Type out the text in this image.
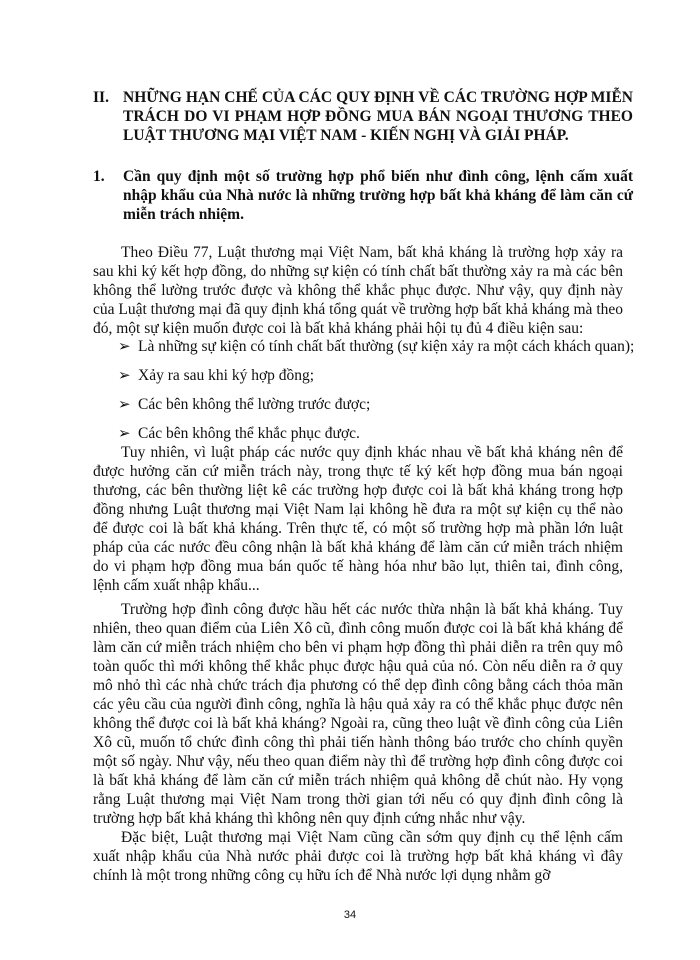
II. NHỮNG HẠN CHẾ CỦA CÁC QUY ĐỊNH VỀ CÁC TRƯỜNG HỢP MIỄN TRÁCH DO VI PHẠM HỢP ĐỒNG MUA BÁN NGOẠI THƯƠNG THEO LUẬT THƯƠNG MẠI VIỆT NAM - KIẾN NGHỊ VÀ GIẢI PHÁP.
1. Cần quy định một số trường hợp phổ biến như đình công, lệnh cấm xuất nhập khẩu của Nhà nước là những trường hợp bất khả kháng để làm căn cứ miễn trách nhiệm.
Theo Điều 77, Luật thương mại Việt Nam, bất khả kháng là trường hợp xảy ra sau khi ký kết hợp đồng, do những sự kiện có tính chất bất thường xảy ra mà các bên không thể lường trước được và không thể khắc phục được. Như vậy, quy định này của Luật thương mại đã quy định khá tổng quát về trường hợp bất khả kháng mà theo đó, một sự kiện muốn được coi là bất khả kháng phải hội tụ đủ 4 điều kiện sau:
➢ Là những sự kiện có tính chất bất thường (sự kiện xảy ra một cách khách quan);
➢ Xảy ra sau khi ký hợp đồng;
➢ Các bên không thể lường trước được;
➢ Các bên không thể khắc phục được.
Tuy nhiên, vì luật pháp các nước quy định khác nhau về bất khả kháng nên để được hưởng căn cứ miễn trách này, trong thực tế ký kết hợp đồng mua bán ngoại thương, các bên thường liệt kê các trường hợp được coi là bất khả kháng trong hợp đồng nhưng Luật thương mại Việt Nam lại không hề đưa ra một sự kiện cụ thể nào để được coi là bất khả kháng. Trên thực tế, có một số trường hợp mà phần lớn luật pháp của các nước đều công nhận là bất khả kháng để làm căn cứ miễn trách nhiệm do vi phạm hợp đồng mua bán quốc tế hàng hóa như bão lụt, thiên tai, đình công, lệnh cấm xuất nhập khẩu...
Trường hợp đình công được hầu hết các nước thừa nhận là bất khả kháng. Tuy nhiên, theo quan điểm của Liên Xô cũ, đình công muốn được coi là bất khả kháng để làm căn cứ miễn trách nhiệm cho bên vi phạm hợp đồng thì phải diễn ra trên quy mô toàn quốc thì mới không thể khắc phục được hậu quả của nó. Còn nếu diễn ra ở quy mô nhỏ thì các nhà chức trách địa phương có thể dẹp đình công bằng cách thỏa mãn các yêu cầu của người đình công, nghĩa là hậu quả xảy ra có thể khắc phục được nên không thể được coi là bất khả kháng? Ngoài ra, cũng theo luật về đình công của Liên Xô cũ, muốn tổ chức đình công thì phải tiến hành thông báo trước cho chính quyền một số ngày. Như vậy, nếu theo quan điểm này thì để trường hợp đình công được coi là bất khả kháng để làm căn cứ miễn trách nhiệm quả không dễ chút nào. Hy vọng rằng Luật thương mại Việt Nam trong thời gian tới nếu có quy định đình công là trường hợp bất khả kháng thì không nên quy định cứng nhắc như vậy.
Đặc biệt, Luật thương mại Việt Nam cũng cần sớm quy định cụ thể lệnh cấm xuất nhập khẩu của Nhà nước phải được coi là trường hợp bất khả kháng vì đây chính là một trong những công cụ hữu ích để Nhà nước lợi dụng nhằm gỡ
34
